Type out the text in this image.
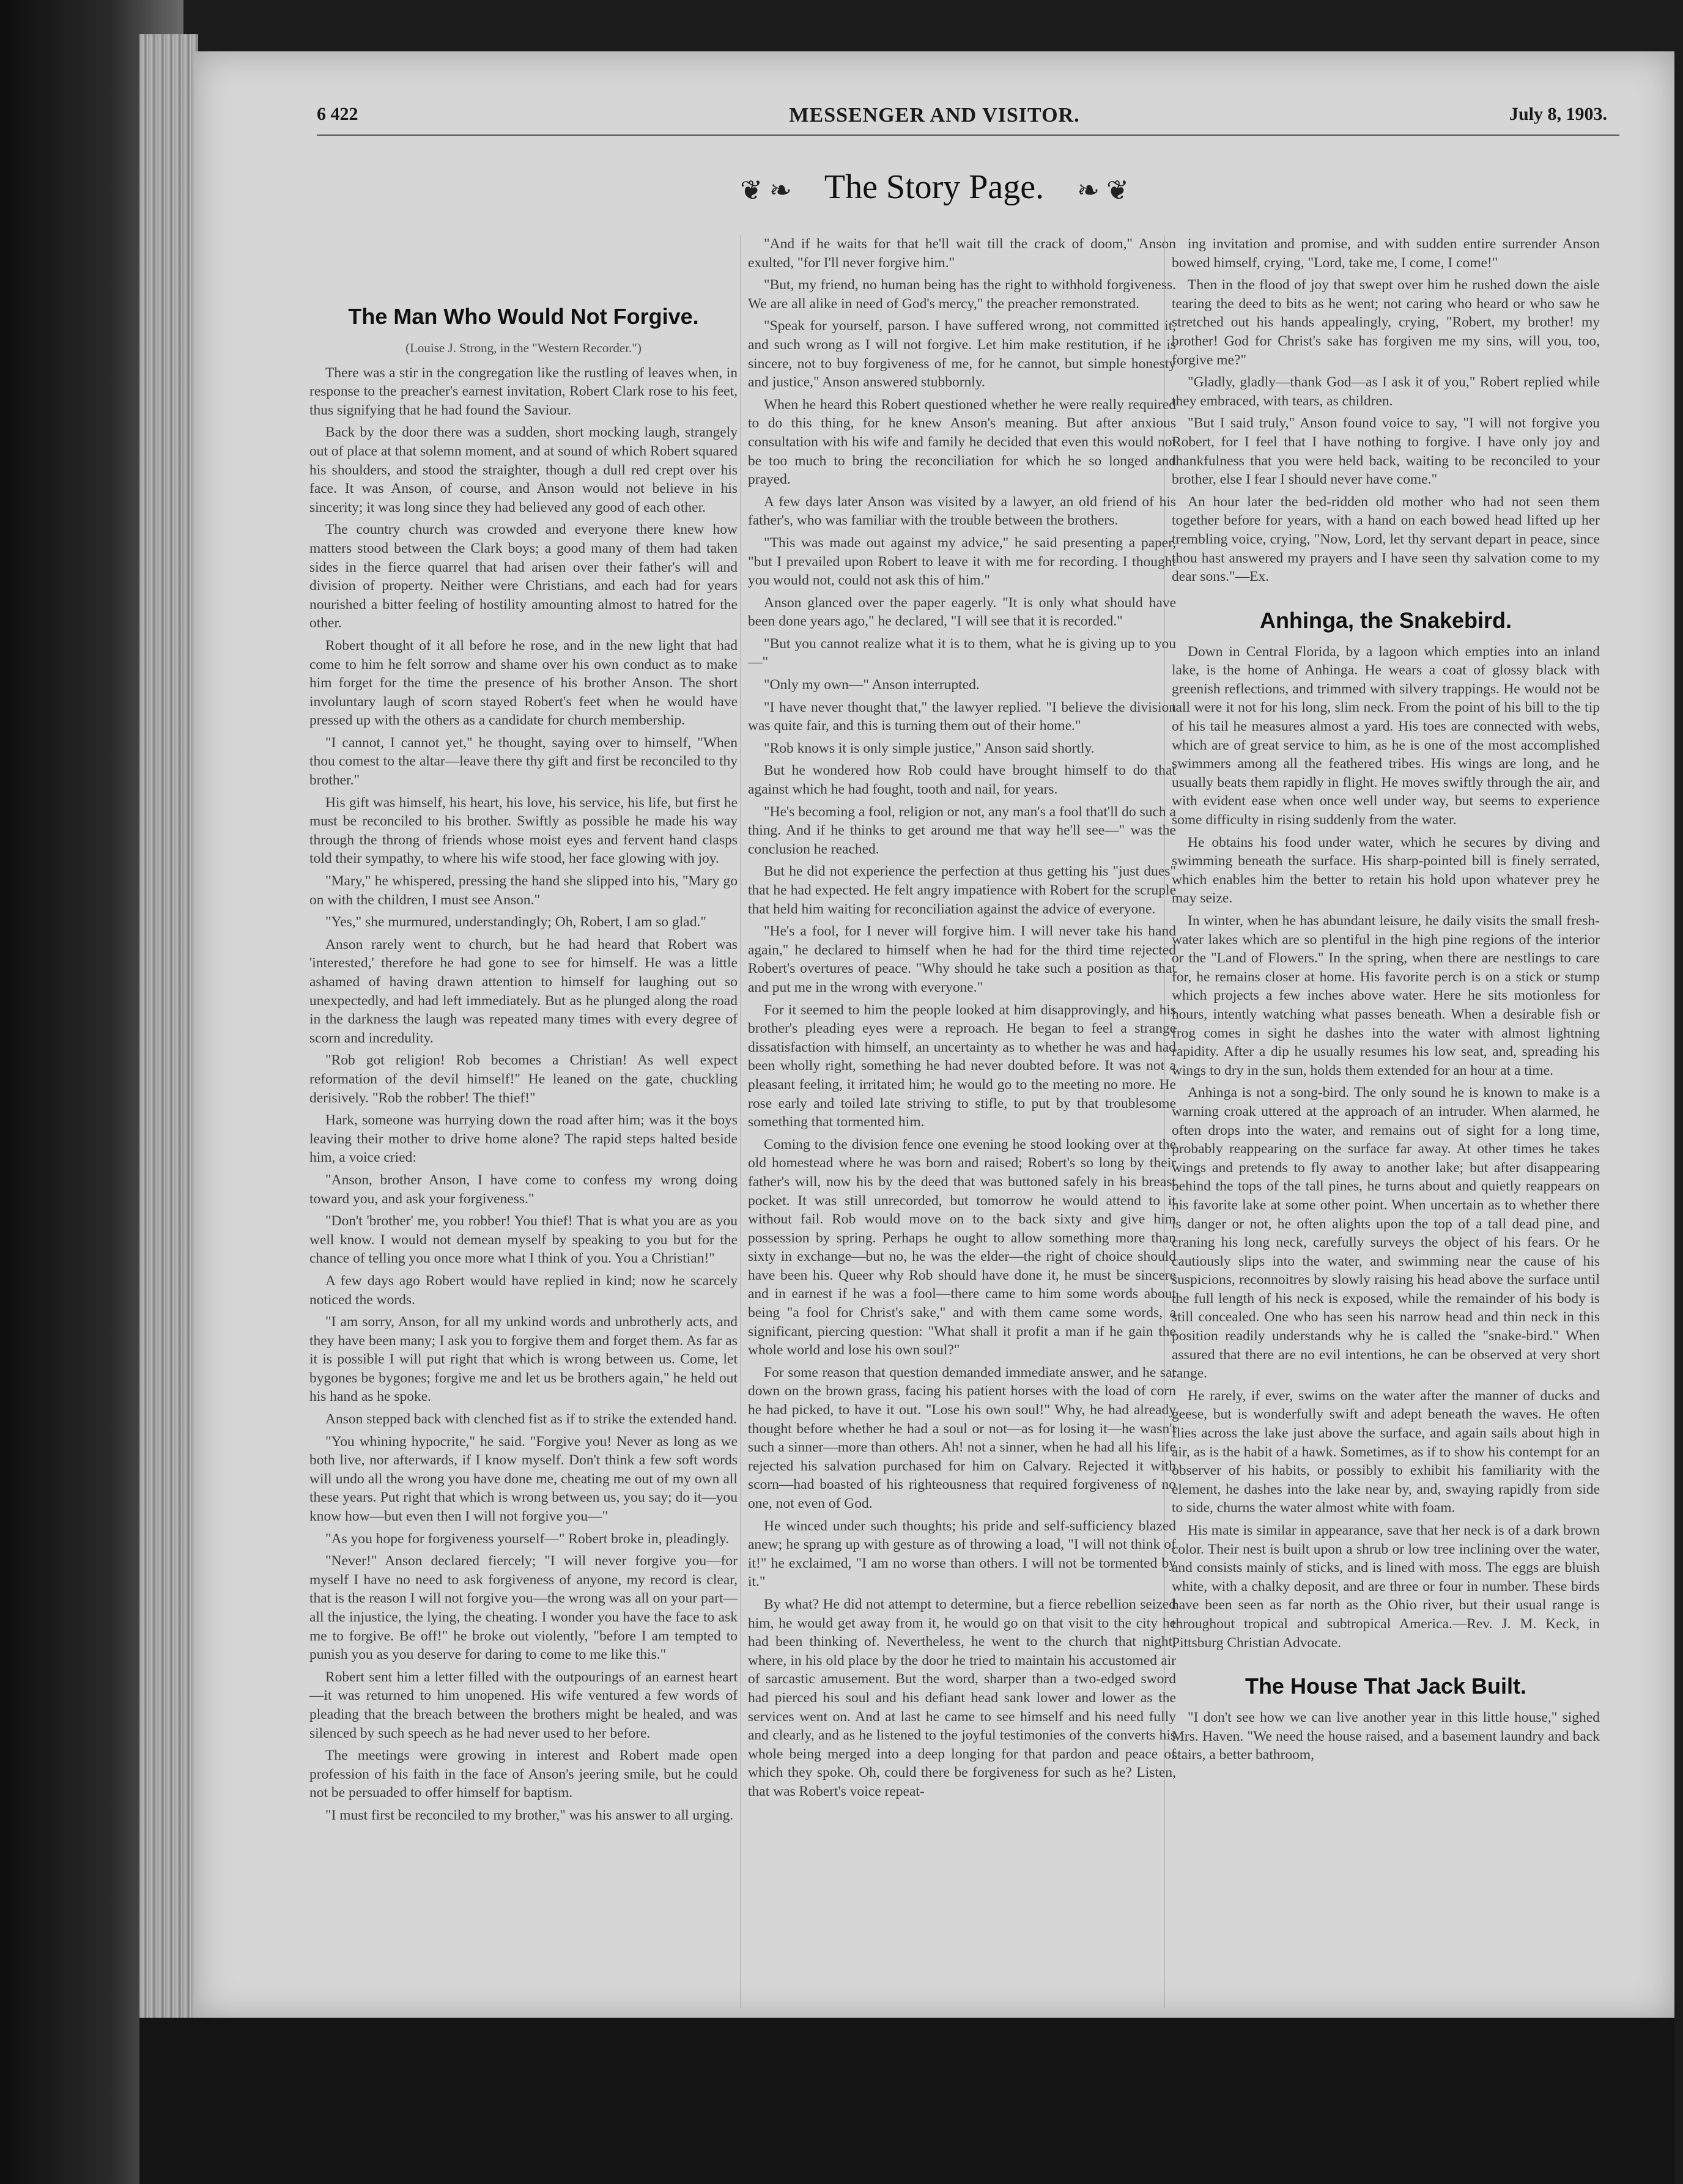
6 422	MESSENGER AND VISITOR.	July 8, 1903.
❦ ❧ The Story Page. ❧ ❦
The Man Who Would Not Forgive.
(Louise J. Strong, in the "Western Recorder.")

There was a stir in the congregation like the rustling of leaves when, in response to the preacher's earnest invitation, Robert Clark rose to his feet, thus signifying that he had found the Saviour.

Back by the door there was a sudden, short mocking laugh, strangely out of place at that solemn moment, and at sound of which Robert squared his shoulders, and stood the straighter, though a dull red crept over his face. It was Anson, of course, and Anson would not believe in his sincerity; it was long since they had believed any good of each other.

The country church was crowded and everyone there knew how matters stood between the Clark boys; a good many of them had taken sides in the fierce quarrel that had arisen over their father's will and division of property. Neither were Christians, and each had for years nourished a bitter feeling of hostility amounting almost to hatred for the other.

Robert thought of it all before he rose, and in the new light that had come to him he felt sorrow and shame over his own conduct as to make him forget for the time the presence of his brother Anson. The short involuntary laugh of scorn stayed Robert's feet when he would have pressed up with the others as a candidate for church membership.

"I cannot, I cannot yet," he thought, saying over to himself, "When thou comest to the altar—leave there thy gift and first be reconciled to thy brother."

His gift was himself, his heart, his love, his service, his life, but first he must be reconciled to his brother. Swiftly as possible he made his way through the throng of friends whose moist eyes and fervent hand clasps told their sympathy, to where his wife stood, her face glowing with joy.

"Mary," he whispered, pressing the hand she slipped into his, "Mary go on with the children, I must see Anson."

"Yes," she murmured, understandingly; Oh, Robert, I am so glad."

Anson rarely went to church, but he had heard that Robert was 'interested,' therefore he had gone to see for himself. He was a little ashamed of having drawn attention to himself for laughing out so unexpectedly, and had left immediately. But as he plunged along the road in the darkness the laugh was repeated many times with every degree of scorn and incredulity.

"Rob got religion! Rob becomes a Christian! As well expect reformation of the devil himself!" He leaned on the gate, chuckling derisively. "Rob the robber! The thief!"

Hark, someone was hurrying down the road after him; was it the boys leaving their mother to drive home alone? The rapid steps halted beside him, a voice cried:

"Anson, brother Anson, I have come to confess my wrong doing toward you, and ask your forgiveness."

"Don't 'brother' me, you robber! You thief! That is what you are as you well know. I would not demean myself by speaking to you but for the chance of telling you once more what I think of you. You a Christian!"

A few days ago Robert would have replied in kind; now he scarcely noticed the words.

"I am sorry, Anson, for all my unkind words and unbrotherly acts, and they have been many; I ask you to forgive them and forget them. As far as it is possible I will put right that which is wrong between us. Come, let bygones be bygones; forgive me and let us be brothers again," he held out his hand as he spoke.

Anson stepped back with clenched fist as if to strike the extended hand.

"You whining hypocrite," he said. "Forgive you! Never as long as we both live, nor afterwards, if I know myself. Don't think a few soft words will undo all the wrong you have done me, cheating me out of my own all these years. Put right that which is wrong between us, you say; do it—you know how—but even then I will not forgive you—"

"As you hope for forgiveness yourself—" Robert broke in, pleadingly.

"Never!" Anson declared fiercely; "I will never forgive you—for myself I have no need to ask forgiveness of anyone, my record is clear, that is the reason I will not forgive you—the wrong was all on your part—all the injustice, the lying, the cheating. I wonder you have the face to ask me to forgive. Be off!" he broke out violently, "before I am tempted to punish you as you deserve for daring to come to me like this."

Robert sent him a letter filled with the outpourings of an earnest heart—it was returned to him unopened. His wife ventured a few words of pleading that the breach between the brothers might be healed, and was silenced by such speech as he had never used to her before.

The meetings were growing in interest and Robert made open profession of his faith in the face of Anson's jeering smile, but he could not be persuaded to offer himself for baptism.

"I must first be reconciled to my brother," was his answer to all urging.

"And if he waits for that he'll wait till the crack of doom," Anson exulted, "for I'll never forgive him."

"But, my friend, no human being has the right to withhold forgiveness. We are all alike in need of God's mercy," the preacher remonstrated.

"Speak for yourself, parson. I have suffered wrong, not committed it, and such wrong as I will not forgive. Let him make restitution, if he is sincere, not to buy forgiveness of me, for he cannot, but simple honesty and justice," Anson answered stubbornly.

When he heard this Robert questioned whether he were really required to do this thing, for he knew Anson's meaning. But after anxious consultation with his wife and family he decided that even this would not be too much to bring the reconciliation for which he so longed and prayed.

A few days later Anson was visited by a lawyer, an old friend of his father's, who was familiar with the trouble between the brothers.

"This was made out against my advice," he said presenting a paper, "but I prevailed upon Robert to leave it with me for recording. I thought you would not, could not ask this of him."

Anson glanced over the paper eagerly. "It is only what should have been done years ago," he declared, "I will see that it is recorded."

"But you cannot realize what it is to them, what he is giving up to you—"

"Only my own—" Anson interrupted.

"I have never thought that," the lawyer replied. "I believe the division was quite fair, and this is turning them out of their home."

"Rob knows it is only simple justice," Anson said shortly.

But he wondered how Rob could have brought himself to do that against which he had fought, tooth and nail, for years.

"He's becoming a fool, religion or not, any man's a fool that'll do such a thing. And if he thinks to get around me that way he'll see—" was the conclusion he reached.

But he did not experience the perfection at thus getting his "just dues" that he had expected. He felt angry impatience with Robert for the scruple that held him waiting for reconciliation against the advice of everyone.

"He's a fool, for I never will forgive him. I will never take his hand again," he declared to himself when he had for the third time rejected Robert's overtures of peace. "Why should he take such a position as that and put me in the wrong with everyone."

For it seemed to him the people looked at him disapprovingly, and his brother's pleading eyes were a reproach. He began to feel a strange dissatisfaction with himself, an uncertainty as to whether he was and had been wholly right, something he had never doubted before. It was not a pleasant feeling, it irritated him; he would go to the meeting no more. He rose early and toiled late striving to stifle, to put by that troublesome something that tormented him.

Coming to the division fence one evening he stood looking over at the old homestead where he was born and raised; Robert's so long by their father's will, now his by the deed that was buttoned safely in his breast pocket. It was still unrecorded, but tomorrow he would attend to it without fail. Rob would move on to the back sixty and give him possession by spring. Perhaps he ought to allow something more than sixty in exchange—but no, he was the elder—the right of choice should have been his. Queer why Rob should have done it, he must be sincere and in earnest if he was a fool—there came to him some words about being "a fool for Christ's sake," and with them came some words, a significant, piercing question: "What shall it profit a man if he gain the whole world and lose his own soul?"

For some reason that question demanded immediate answer, and he sat down on the brown grass, facing his patient horses with the load of corn he had picked, to have it out. "Lose his own soul!" Why, he had already thought before whether he had a soul or not—as for losing it—he wasn't such a sinner—more than others. Ah! not a sinner, when he had all his life rejected his salvation purchased for him on Calvary. Rejected it with scorn—had boasted of his righteousness that required forgiveness of no one, not even of God.

He winced under such thoughts; his pride and self-sufficiency blazed anew; he sprang up with gesture as of throwing a load, "I will not think of it!" he exclaimed, "I am no worse than others. I will not be tormented by it."

By what? He did not attempt to determine, but a fierce rebellion seized him, he would get away from it, he would go on that visit to the city he had been thinking of. Nevertheless, he went to the church that night, where, in his old place by the door he tried to maintain his accustomed air of sarcastic amusement. But the word, sharper than a two-edged sword had pierced his soul and his defiant head sank lower and lower as the services went on. And at last he came to see himself and his need fully and clearly, and as he listened to the joyful testimonies of the converts his whole being merged into a deep longing for that pardon and peace of which they spoke. Oh, could there be forgiveness for such as he? Listen, that was Robert's voice repeat-

ing invitation and promise, and with sudden entire surrender Anson bowed himself, crying, "Lord, take me, I come, I come!"

Then in the flood of joy that swept over him he rushed down the aisle tearing the deed to bits as he went; not caring who heard or who saw he stretched out his hands appealingly, crying, "Robert, my brother! my brother! God for Christ's sake has forgiven me my sins, will you, too, forgive me?"

"Gladly, gladly—thank God—as I ask it of you," Robert replied while they embraced, with tears, as children.

"But I said truly," Anson found voice to say, "I will not forgive you Robert, for I feel that I have nothing to forgive. I have only joy and thankfulness that you were held back, waiting to be reconciled to your brother, else I fear I should never have come."

An hour later the bed-ridden old mother who had not seen them together before for years, with a hand on each bowed head lifted up her trembling voice, crying, "Now, Lord, let thy servant depart in peace, since thou hast answered my prayers and I have seen thy salvation come to my dear sons."—Ex.

Anhinga, the Snakebird.

Down in Central Florida, by a lagoon which empties into an inland lake, is the home of Anhinga. He wears a coat of glossy black with greenish reflections, and trimmed with silvery trappings. He would not be tall were it not for his long, slim neck. From the point of his bill to the tip of his tail he measures almost a yard. His toes are connected with webs, which are of great service to him, as he is one of the most accomplished swimmers among all the feathered tribes. His wings are long, and he usually beats them rapidly in flight. He moves swiftly through the air, and with evident ease when once well under way, but seems to experience some difficulty in rising suddenly from the water.

He obtains his food under water, which he secures by diving and swimming beneath the surface. His sharp-pointed bill is finely serrated, which enables him the better to retain his hold upon whatever prey he may seize.

In winter, when he has abundant leisure, he daily visits the small fresh-water lakes which are so plentiful in the high pine regions of the interior or the "Land of Flowers." In the spring, when there are nestlings to care for, he remains closer at home. His favorite perch is on a stick or stump which projects a few inches above water. Here he sits motionless for hours, intently watching what passes beneath. When a desirable fish or frog comes in sight he dashes into the water with almost lightning rapidity. After a dip he usually resumes his low seat, and, spreading his wings to dry in the sun, holds them extended for an hour at a time.

Anhinga is not a song-bird. The only sound he is known to make is a warning croak uttered at the approach of an intruder. When alarmed, he often drops into the water, and remains out of sight for a long time, probably reappearing on the surface far away. At other times he takes wings and pretends to fly away to another lake; but after disappearing behind the tops of the tall pines, he turns about and quietly reappears on his favorite lake at some other point. When uncertain as to whether there is danger or not, he often alights upon the top of a tall dead pine, and craning his long neck, carefully surveys the object of his fears. Or he cautiously slips into the water, and swimming near the cause of his suspicions, reconnoitres by slowly raising his head above the surface until the full length of his neck is exposed, while the remainder of his body is still concealed. One who has seen his narrow head and thin neck in this position readily understands why he is called the "snake-bird." When assured that there are no evil intentions, he can be observed at very short range.

He rarely, if ever, swims on the water after the manner of ducks and geese, but is wonderfully swift and adept beneath the waves. He often flies across the lake just above the surface, and again sails about high in air, as is the habit of a hawk. Sometimes, as if to show his contempt for an observer of his habits, or possibly to exhibit his familiarity with the element, he dashes into the lake near by, and, swaying rapidly from side to side, churns the water almost white with foam.

His mate is similar in appearance, save that her neck is of a dark brown color. Their nest is built upon a shrub or low tree inclining over the water, and consists mainly of sticks, and is lined with moss. The eggs are bluish white, with a chalky deposit, and are three or four in number. These birds have been seen as far north as the Ohio river, but their usual range is throughout tropical and subtropical America.—Rev. J. M. Keck, in Pittsburg Christian Advocate.

The House That Jack Built.

"I don't see how we can live another year in this little house," sighed Mrs. Haven. "We need the house raised, and a basement laundry and back stairs, a better bathroom,
